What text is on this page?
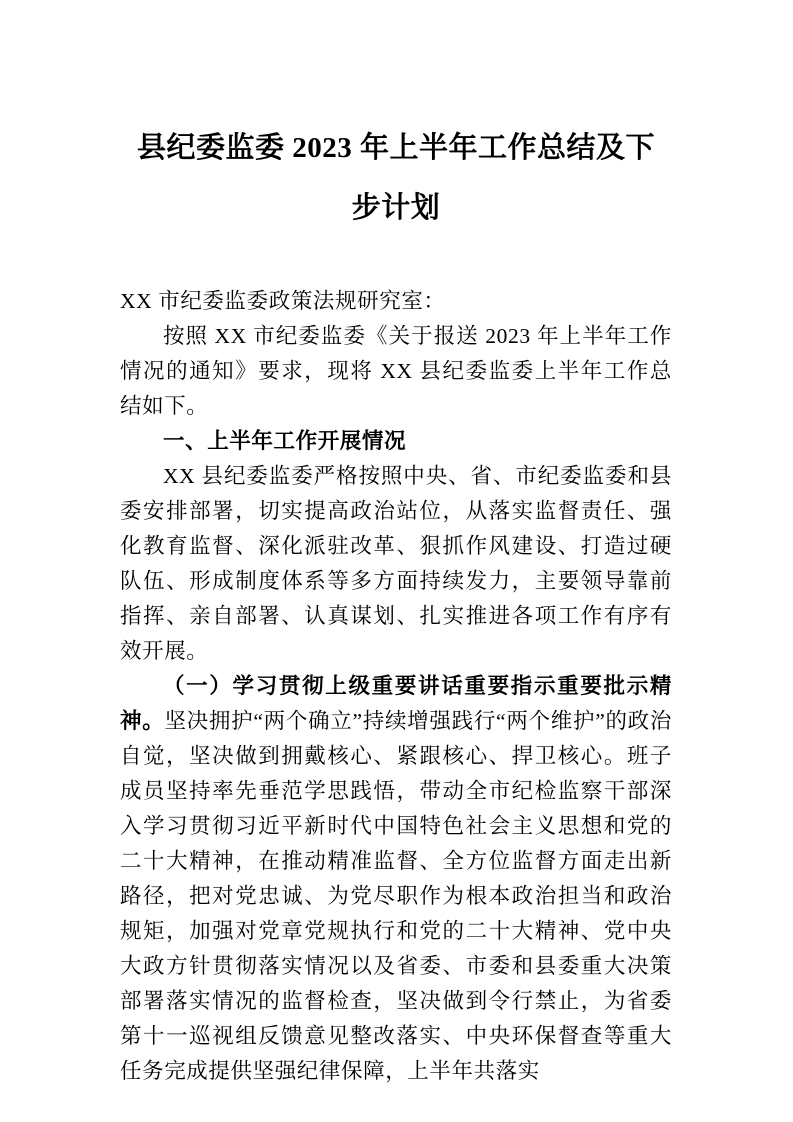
县纪委监委 2023 年上半年工作总结及下步计划

XX 市纪委监委政策法规研究室：

按照 XX 市纪委监委《关于报送 2023 年上半年工作情况的通知》要求，现将 XX 县纪委监委上半年工作总结如下。

一、上半年工作开展情况

XX 县纪委监委严格按照中央、省、市纪委监委和县委安排部署，切实提高政治站位，从落实监督责任、强化教育监督、深化派驻改革、狠抓作风建设、打造过硬队伍、形成制度体系等多方面持续发力，主要领导靠前指挥、亲自部署、认真谋划、扎实推进各项工作有序有效开展。

（一）学习贯彻上级重要讲话重要指示重要批示精神。坚决拥护“两个确立”持续增强践行“两个维护”的政治自觉，坚决做到拥戴核心、紧跟核心、捍卫核心。班子成员坚持率先垂范学思践悟，带动全市纪检监察干部深入学习贯彻习近平新时代中国特色社会主义思想和党的二十大精神，在推动精准监督、全方位监督方面走出新路径，把对党忠诚、为党尽职作为根本政治担当和政治规矩，加强对党章党规执行和党的二十大精神、党中央大政方针贯彻落实情况以及省委、市委和县委重大决策部署落实情况的监督检查，坚决做到令行禁止，为省委第十一巡视组反馈意见整改落实、中央环保督查等重大任务完成提供坚强纪律保障，上半年共落实
